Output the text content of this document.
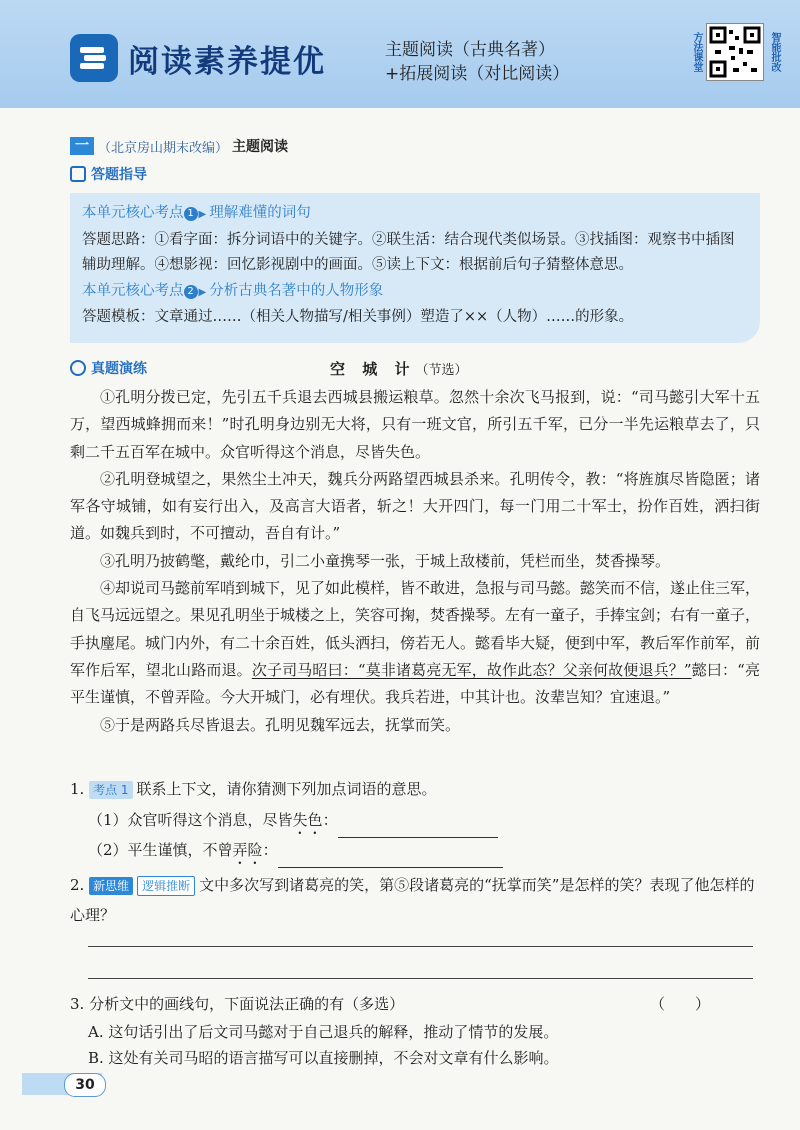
阅读素养提优	主题阅读（古典名著）
+拓展阅读（对比阅读）
方法课堂	智能批改
一 （北京房山期末改编） 主题阅读
答题指导
本单元核心考点 1 ▶ 理解难懂的词句
答题思路：①看字面：拆分词语中的关键字。②联生活：结合现代类似场景。③找插图：观察书中插图辅助理解。④想影视：回忆影视剧中的画面。⑤读上下文：根据前后句子猜整体意思。
本单元核心考点 2 ▶ 分析古典名著中的人物形象
答题模板：文章通过……（相关人物描写/相关事例）塑造了××（人物）……的形象。
真题演练	空 城 计（节选）

①孔明分拨已定，先引五千兵退去西城县搬运粮草。忽然十余次飞马报到，说：“司马懿引大军十五万，望西城蜂拥而来！”时孔明身边别无大将，只有一班文官，所引五千军，已分一半先运粮草去了，只剩二千五百军在城中。众官听得这个消息，尽皆失色。

②孔明登城望之，果然尘土冲天，魏兵分两路望西城县杀来。孔明传令，教：“将旌旗尽皆隐匿；诸军各守城铺，如有妄行出入，及高言大语者，斩之！大开四门，每一门用二十军士，扮作百姓，洒扫街道。如魏兵到时，不可擅动，吾自有计。”

③孔明乃披鹤氅，戴纶巾，引二小童携琴一张，于城上敌楼前，凭栏而坐，焚香操琴。

④却说司马懿前军哨到城下，见了如此模样，皆不敢进，急报与司马懿。懿笑而不信，遂止住三军，自飞马远远望之。果见孔明坐于城楼之上，笑容可掬，焚香操琴。左有一童子，手捧宝剑；右有一童子，手执麈尾。城门内外，有二十余百姓，低头洒扫，傍若无人。懿看毕大疑，便到中军，教后军作前军，前军作后军，望北山路而退。次子司马昭曰：“莫非诸葛亮无军，故作此态？父亲何故便退兵？”懿曰：“亮平生谨慎，不曾弄险。今大开城门，必有埋伏。我兵若进，中其计也。汝辈岂知？宜速退。”

⑤于是两路兵尽皆退去。孔明见魏军远去，抚掌而笑。

1. 考点 1 联系上下文，请你猜测下列加点词语的意思。
（1）众官听得这个消息，尽皆失色：
（2）平生谨慎，不曾弄险：
2. 新思维 逻辑推断 文中多次写到诸葛亮的笑，第⑤段诸葛亮的“抚掌而笑”是怎样的笑？表现了他怎样的心理？
3. 分析文中的画线句，下面说法正确的有（多选）	（　　）
A. 这句话引出了后文司马懿对于自己退兵的解释，推动了情节的发展。
B. 这处有关司马昭的语言描写可以直接删掉，不会对文章有什么影响。
30
